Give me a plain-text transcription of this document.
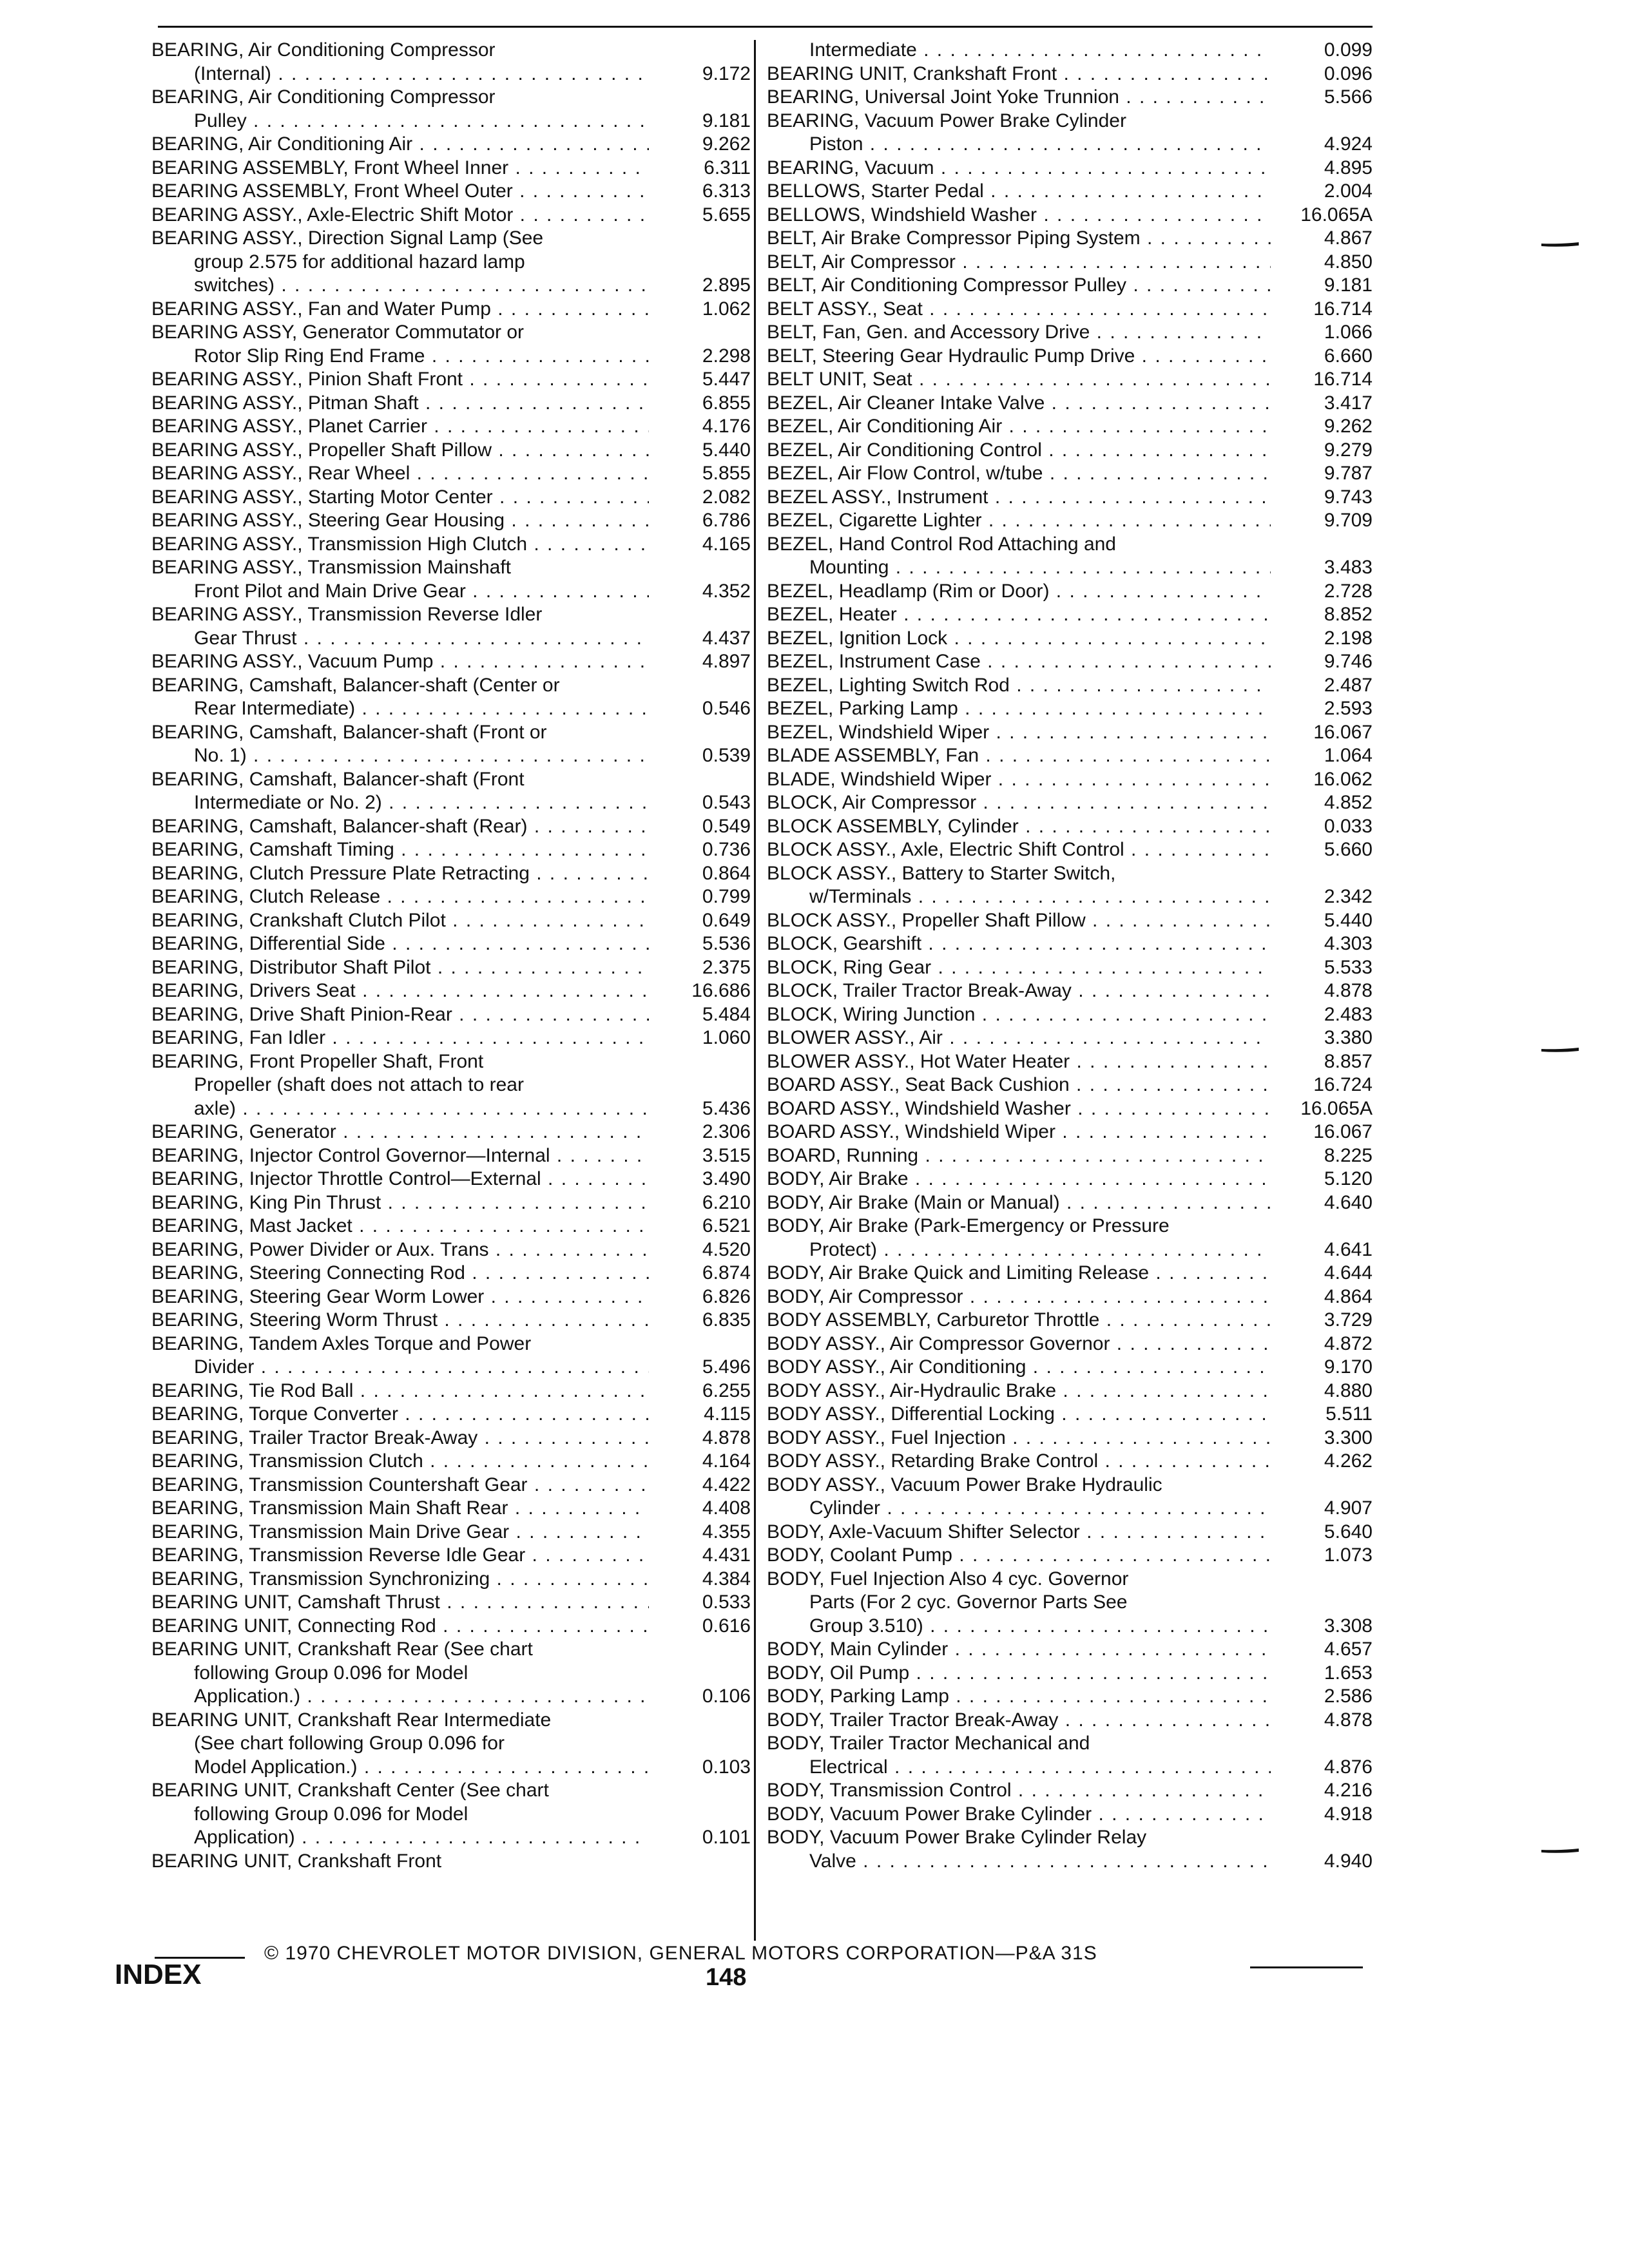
BEARING, Air Conditioning Compressor
(Internal) . . .	9.172
BEARING, Air Conditioning Compressor
Pulley . . .	9.181
BEARING, Air Conditioning Air . . .	9.262
BEARING ASSEMBLY, Front Wheel Inner . . .	6.311
BEARING ASSEMBLY, Front Wheel Outer . . .	6.313
BEARING ASSY., Axle-Electric Shift Motor . . .	5.655
BEARING ASSY., Direction Signal Lamp (See
group 2.575 for additional hazard lamp
switches) . . .	2.895
BEARING ASSY., Fan and Water Pump . . .	1.062
BEARING ASSY, Generator Commutator or
Rotor Slip Ring End Frame . . .	2.298
BEARING ASSY., Pinion Shaft Front . . .	5.447
BEARING ASSY., Pitman Shaft . . .	6.855
BEARING ASSY., Planet Carrier . . .	4.176
BEARING ASSY., Propeller Shaft Pillow . . .	5.440
BEARING ASSY., Rear Wheel . . .	5.855
BEARING ASSY., Starting Motor Center . . .	2.082
BEARING ASSY., Steering Gear Housing . . .	6.786
BEARING ASSY., Transmission High Clutch . . .	4.165
BEARING ASSY., Transmission Mainshaft
Front Pilot and Main Drive Gear . . .	4.352
BEARING ASSY., Transmission Reverse Idler
Gear Thrust . . .	4.437
BEARING ASSY., Vacuum Pump . . .	4.897
BEARING, Camshaft, Balancer-shaft (Center or
Rear Intermediate) . . .	0.546
BEARING, Camshaft, Balancer-shaft (Front or
No. 1) . . .	0.539
BEARING, Camshaft, Balancer-shaft (Front
Intermediate or No. 2) . . .	0.543
BEARING, Camshaft, Balancer-shaft (Rear) . . .	0.549
BEARING, Camshaft Timing . . .	0.736
BEARING, Clutch Pressure Plate Retracting . . .	0.864
BEARING, Clutch Release . . .	0.799
BEARING, Crankshaft Clutch Pilot . . .	0.649
BEARING, Differential Side . . .	5.536
BEARING, Distributor Shaft Pilot . . .	2.375
BEARING, Drivers Seat . . .	16.686
BEARING, Drive Shaft Pinion-Rear . . .	5.484
BEARING, Fan Idler . . .	1.060
BEARING, Front Propeller Shaft, Front
Propeller (shaft does not attach to rear
axle) . . .	5.436
BEARING, Generator . . .	2.306
BEARING, Injector Control Governor—Internal . . .	3.515
BEARING, Injector Throttle Control—External . . .	3.490
BEARING, King Pin Thrust . . .	6.210
BEARING, Mast Jacket . . .	6.521
BEARING, Power Divider or Aux. Trans . . .	4.520
BEARING, Steering Connecting Rod . . .	6.874
BEARING, Steering Gear Worm Lower . . .	6.826
BEARING, Steering Worm Thrust . . .	6.835
BEARING, Tandem Axles Torque and Power
Divider . . .	5.496
BEARING, Tie Rod Ball . . .	6.255
BEARING, Torque Converter . . .	4.115
BEARING, Trailer Tractor Break-Away . . .	4.878
BEARING, Transmission Clutch . . .	4.164
BEARING, Transmission Countershaft Gear . . .	4.422
BEARING, Transmission Main Shaft Rear . . .	4.408
BEARING, Transmission Main Drive Gear . . .	4.355
BEARING, Transmission Reverse Idle Gear . . .	4.431
BEARING, Transmission Synchronizing . . .	4.384
BEARING UNIT, Camshaft Thrust . . .	0.533
BEARING UNIT, Connecting Rod . . .	0.616
BEARING UNIT, Crankshaft Rear (See chart
following Group 0.096 for Model
Application.) . . .	0.106
BEARING UNIT, Crankshaft Rear Intermediate
(See chart following Group 0.096 for
Model Application.) . . .	0.103
BEARING UNIT, Crankshaft Center (See chart
following Group 0.096 for Model
Application) . . .	0.101
BEARING UNIT, Crankshaft Front
Intermediate . . .	0.099
BEARING UNIT, Crankshaft Front . . .	0.096
BEARING, Universal Joint Yoke Trunnion . . .	5.566
BEARING, Vacuum Power Brake Cylinder
Piston . . .	4.924
BEARING, Vacuum . . .	4.895
BELLOWS, Starter Pedal . . .	2.004
BELLOWS, Windshield Washer . . .	16.065A
BELT, Air Brake Compressor Piping System . . .	4.867
BELT, Air Compressor . . .	4.850
BELT, Air Conditioning Compressor Pulley . . .	9.181
BELT ASSY., Seat . . .	16.714
BELT, Fan, Gen. and Accessory Drive . . .	1.066
BELT, Steering Gear Hydraulic Pump Drive . . .	6.660
BELT UNIT, Seat . . .	16.714
BEZEL, Air Cleaner Intake Valve . . .	3.417
BEZEL, Air Conditioning Air . . .	9.262
BEZEL, Air Conditioning Control . . .	9.279
BEZEL, Air Flow Control, w/tube . . .	9.787
BEZEL ASSY., Instrument . . .	9.743
BEZEL, Cigarette Lighter . . .	9.709
BEZEL, Hand Control Rod Attaching and
Mounting . . .	3.483
BEZEL, Headlamp (Rim or Door) . . .	2.728
BEZEL, Heater . . .	8.852
BEZEL, Ignition Lock . . .	2.198
BEZEL, Instrument Case . . .	9.746
BEZEL, Lighting Switch Rod . . .	2.487
BEZEL, Parking Lamp . . .	2.593
BEZEL, Windshield Wiper . . .	16.067
BLADE ASSEMBLY, Fan . . .	1.064
BLADE, Windshield Wiper . . .	16.062
BLOCK, Air Compressor . . .	4.852
BLOCK ASSEMBLY, Cylinder . . .	0.033
BLOCK ASSY., Axle, Electric Shift Control . . .	5.660
BLOCK ASSY., Battery to Starter Switch,
w/Terminals . . .	2.342
BLOCK ASSY., Propeller Shaft Pillow . . .	5.440
BLOCK, Gearshift . . .	4.303
BLOCK, Ring Gear . . .	5.533
BLOCK, Trailer Tractor Break-Away . . .	4.878
BLOCK, Wiring Junction . . .	2.483
BLOWER ASSY., Air . . .	3.380
BLOWER ASSY., Hot Water Heater . . .	8.857
BOARD ASSY., Seat Back Cushion . . .	16.724
BOARD ASSY., Windshield Washer . . .	16.065A
BOARD ASSY., Windshield Wiper . . .	16.067
BOARD, Running . . .	8.225
BODY, Air Brake . . .	5.120
BODY, Air Brake (Main or Manual) . . .	4.640
BODY, Air Brake (Park-Emergency or Pressure
Protect) . . .	4.641
BODY, Air Brake Quick and Limiting Release . . .	4.644
BODY, Air Compressor . . .	4.864
BODY ASSEMBLY, Carburetor Throttle . . .	3.729
BODY ASSY., Air Compressor Governor . . .	4.872
BODY ASSY., Air Conditioning . . .	9.170
BODY ASSY., Air-Hydraulic Brake . . .	4.880
BODY ASSY., Differential Locking . . .	5.511
BODY ASSY., Fuel Injection . . .	3.300
BODY ASSY., Retarding Brake Control . . .	4.262
BODY ASSY., Vacuum Power Brake Hydraulic
Cylinder . . .	4.907
BODY, Axle-Vacuum Shifter Selector . . .	5.640
BODY, Coolant Pump . . .	1.073
BODY, Fuel Injection Also 4 cyc. Governor
Parts (For 2 cyc. Governor Parts See
Group 3.510) . . .	3.308
BODY, Main Cylinder . . .	4.657
BODY, Oil Pump . . .	1.653
BODY, Parking Lamp . . .	2.586
BODY, Trailer Tractor Break-Away . . .	4.878
BODY, Trailer Tractor Mechanical and
Electrical . . .	4.876
BODY, Transmission Control . . .	4.216
BODY, Vacuum Power Brake Cylinder . . .	4.918
BODY, Vacuum Power Brake Cylinder Relay
Valve . . .	4.940
INDEX
© 1970 CHEVROLET MOTOR DIVISION, GENERAL MOTORS CORPORATION—P&A 31S
148
